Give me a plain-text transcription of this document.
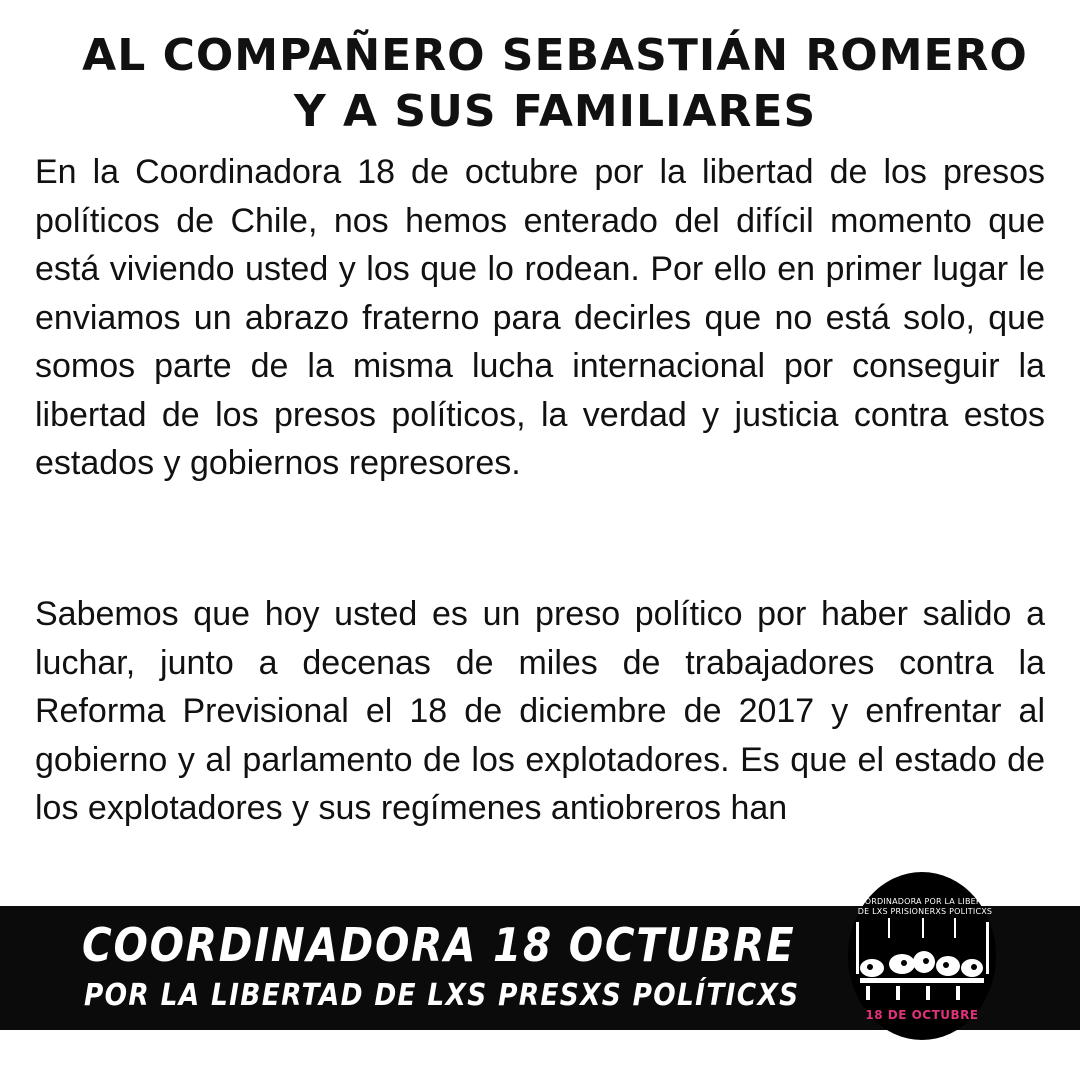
AL COMPAÑERO SEBASTIÁN ROMERO Y A SUS FAMILIARES
En la Coordinadora 18 de octubre por la libertad de los presos políticos de Chile, nos hemos enterado del difícil momento que está viviendo usted y los que lo rodean. Por ello en primer lugar le enviamos un abrazo fraterno para decirles que no está solo, que somos parte de la misma lucha internacional por conseguir la libertad de los presos políticos, la verdad y justicia contra estos estados y gobiernos represores.
Sabemos que hoy usted es un preso político por haber salido a luchar, junto a decenas de miles de trabajadores contra la Reforma Previsional el 18 de diciembre de 2017 y enfrentar al gobierno y al parlamento de los explotadores. Es que el estado de los explotadores y sus regímenes antiobreros han
COORDINADORA 18 OCTUBRE
POR LA LIBERTAD DE LXS PRESXS POLÍTICXS
COORDINADORA POR LA LIBERTAD DE LXS PRISIONERXS POLITICXS
18 DE OCTUBRE
